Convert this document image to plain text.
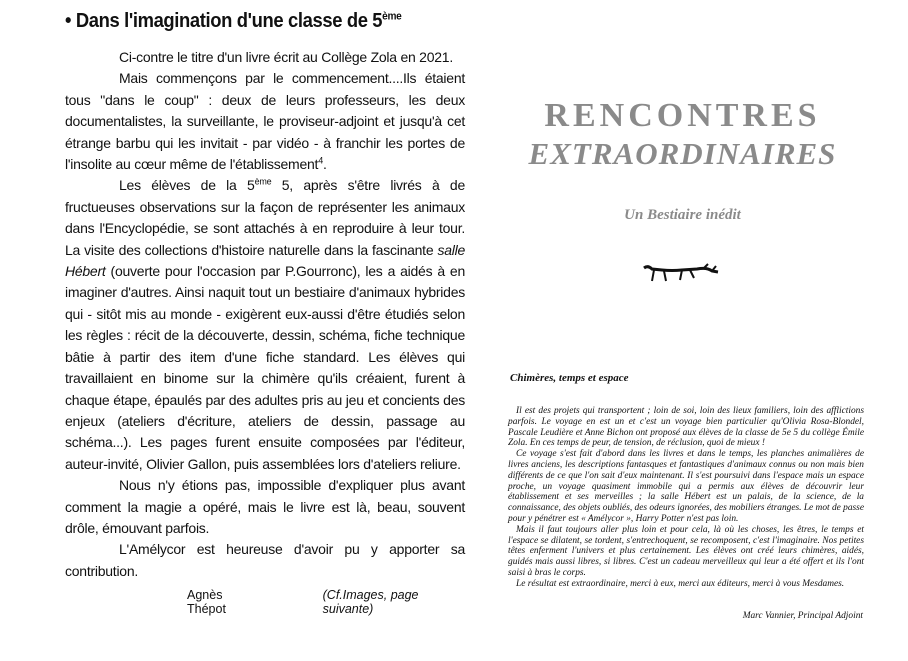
• Dans l'imagination d'une classe de 5ème

Ci-contre le titre d'un livre écrit au Collège Zola en 2021.

Mais commençons par le commencement....Ils étaient tous "dans le coup" : deux de leurs professeurs, les deux documentalistes, la surveillante, le proviseur-adjoint et jusqu'à cet étrange barbu qui les invitait - par vidéo - à franchir les portes de l'insolite au cœur même de l'établissement$^4$.

Les élèves de la 5ème 5, après s'être livrés à de fructueuses observations sur la façon de représenter les animaux dans l'Encyclopédie, se sont attachés à en reproduire à leur tour. La visite des collections d'histoire naturelle dans la fascinante salle Hébert (ouverte pour l'occasion par P.Gourronc), les a aidés à en imaginer d'autres. Ainsi naquit tout un bestiaire d'animaux hybrides qui - sitôt mis au monde - exigèrent eux-aussi d'être étudiés selon les règles : récit de la découverte, dessin, schéma, fiche technique bâtie à partir des item d'une fiche standard. Les élèves qui travaillaient en binome sur la chimère qu'ils créaient, furent à chaque étape, épaulés par des adultes pris au jeu et concients des enjeux (ateliers d'écriture, ateliers de dessin, passage au schéma...). Les pages furent ensuite composées par l'éditeur, auteur-invité, Olivier Gallon, puis assemblées lors d'ateliers reliure.

Nous n'y étions pas, impossible d'expliquer plus avant comment la magie a opéré, mais le livre est là, beau, souvent drôle, émouvant parfois.

L'Amélycor est heureuse d'avoir pu y apporter sa contribution.

Agnès Thépot
(Cf.Images, page suivante)
RENCONTRES
EXTRAORDINAIRES
Un Bestiaire inédit
Chimères, temps et espace

Il est des projets qui transportent ; loin de soi, loin des lieux familiers, loin des afflictions parfois. Le voyage en est un et c'est un voyage bien particulier qu'Olivia Rosa-Blondel, Pascale Leudière et Anne Bichon ont proposé aux élèves de la classe de 5e 5 du collège Émile Zola. En ces temps de peur, de tension, de réclusion, quoi de mieux !

Ce voyage s'est fait d'abord dans les livres et dans le temps, les planches animalières de livres anciens, les descriptions fantasques et fantastiques d'animaux connus ou non mais bien différents de ce que l'on sait d'eux maintenant. Il s'est poursuivi dans l'espace mais un espace proche, un voyage quasiment immobile qui a permis aux élèves de découvrir leur établissement et ses merveilles ; la salle Hébert est un palais, de la science, de la connaissance, des objets oubliés, des odeurs ignorées, des mobiliers étranges. Le mot de passe pour y pénétrer est « Amélycor », Harry Potter n'est pas loin.

Mais il faut toujours aller plus loin et pour cela, là où les choses, les êtres, le temps et l'espace se dilatent, se tordent, s'entrechoquent, se recomposent, c'est l'imaginaire. Nos petites têtes enferment l'univers et plus certainement. Les élèves ont créé leurs chimères, aidés, guidés mais aussi libres, si libres. C'est un cadeau merveilleux qui leur a été offert et ils l'ont saisi à bras le corps.

Le résultat est extraordinaire, merci à eux, merci aux éditeurs, merci à vous Mesdames.

Marc Vannier, Principal Adjoint
